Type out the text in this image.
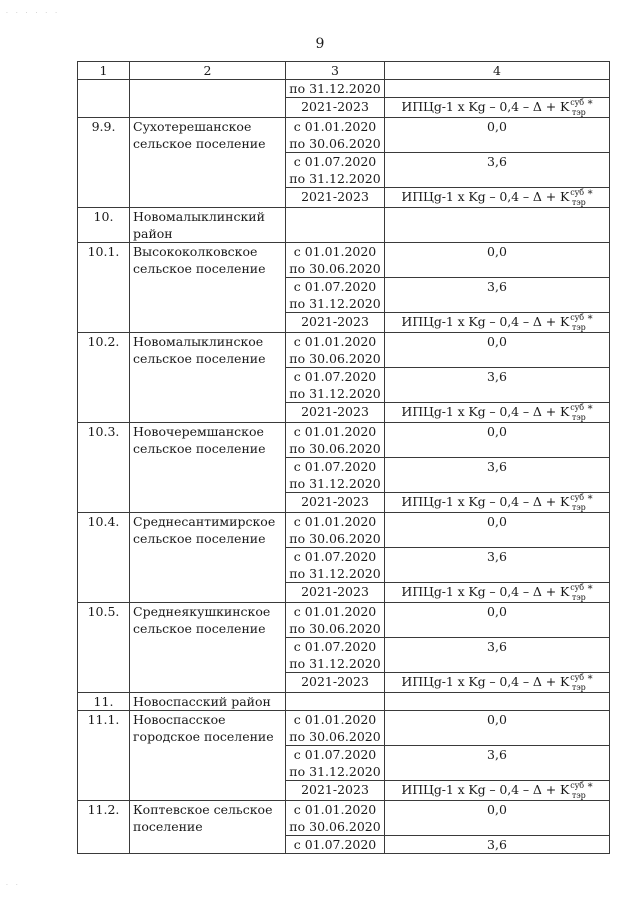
9
1	2	3	4
		по 31.12.2020	
		2021-2023	ИПЦg-1 x $Kg - 0,4 - \Delta + K^{суб}_{тэр}^*$
9.9.	Сухотерешанское сельское поселение	с 01.01.2020 по 30.06.2020	0,0
		с 01.07.2020 по 31.12.2020	3,6
		2021-2023	ИПЦg-1 x $Kg - 0,4 - \Delta + K^{суб}_{тэр}^*$
10.	Новомалыклинский район		
10.1.	Высококолковское сельское поселение	с 01.01.2020 по 30.06.2020	0,0
		с 01.07.2020 по 31.12.2020	3,6
		2021-2023	ИПЦg-1 x $Kg - 0,4 - \Delta + K^{суб}_{тэр}^*$
10.2.	Новомалыклинское сельское поселение	с 01.01.2020 по 30.06.2020	0,0
		с 01.07.2020 по 31.12.2020	3,6
		2021-2023	ИПЦg-1 x $Kg - 0,4 - \Delta + K^{суб}_{тэр}^*$
10.3.	Новочеремшанское сельское поселение	с 01.01.2020 по 30.06.2020	0,0
		с 01.07.2020 по 31.12.2020	3,6
		2021-2023	ИПЦg-1 x $Kg - 0,4 - \Delta + K^{суб}_{тэр}^*$
10.4.	Среднесантимирское сельское поселение	с 01.01.2020 по 30.06.2020	0,0
		с 01.07.2020 по 31.12.2020	3,6
		2021-2023	ИПЦg-1 x $Kg - 0,4 - \Delta + K^{суб}_{тэр}^*$
10.5.	Среднеякушкинское сельское поселение	с 01.01.2020 по 30.06.2020	0,0
		с 01.07.2020 по 31.12.2020	3,6
		2021-2023	ИПЦg-1 x $Kg - 0,4 - \Delta + K^{суб}_{тэр}^*$
11.	Новоспасский район		
11.1.	Новоспасское городское поселение	с 01.01.2020 по 30.06.2020	0,0
		с 01.07.2020 по 31.12.2020	3,6
		2021-2023	ИПЦg-1 x $Kg - 0,4 - \Delta + K^{суб}_{тэр}^*$
11.2.	Коптевское сельское поселение	с 01.01.2020 по 30.06.2020	0,0
		с 01.07.2020	3,6
· · · · · ·
· ·
